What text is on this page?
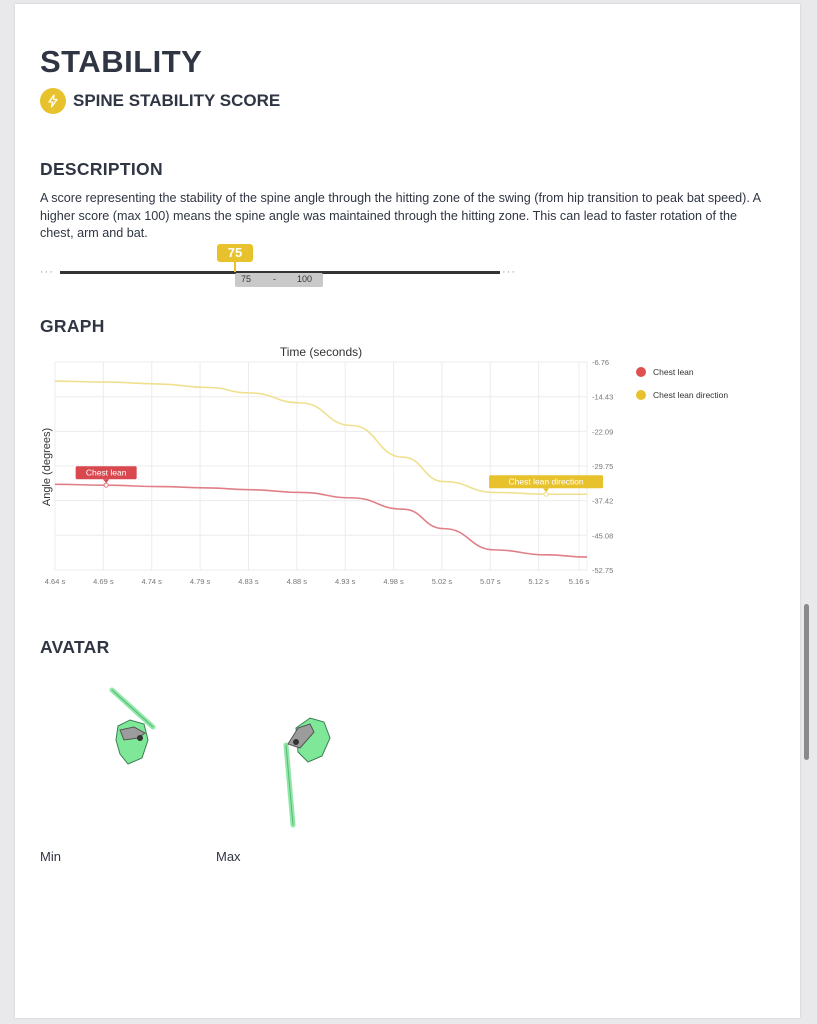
STABILITY
SPINE STABILITY SCORE
DESCRIPTION

A score representing the stability of the spine angle through the hitting zone of the swing (from hip transition to peak bat speed). A higher score (max 100) means the spine angle was maintained through the hitting zone. This can lead to faster rotation of the chest, arm and bat.

···	···
75 - 100
75
GRAPH
Time (seconds)
Angle (degrees)
4.64 s	4.69 s	4.74 s	4.79 s	4.83 s	4.88 s	4.93 s	4.98 s	5.02 s	5.07 s	5.12 s	5.16 s
-6.76
-14.43
-22.09
-29.75
-37.42
-45.08
-52.75
Chest lean
Chest lean direction
Chest lean
Chest lean direction
AVATAR
Min	Max
